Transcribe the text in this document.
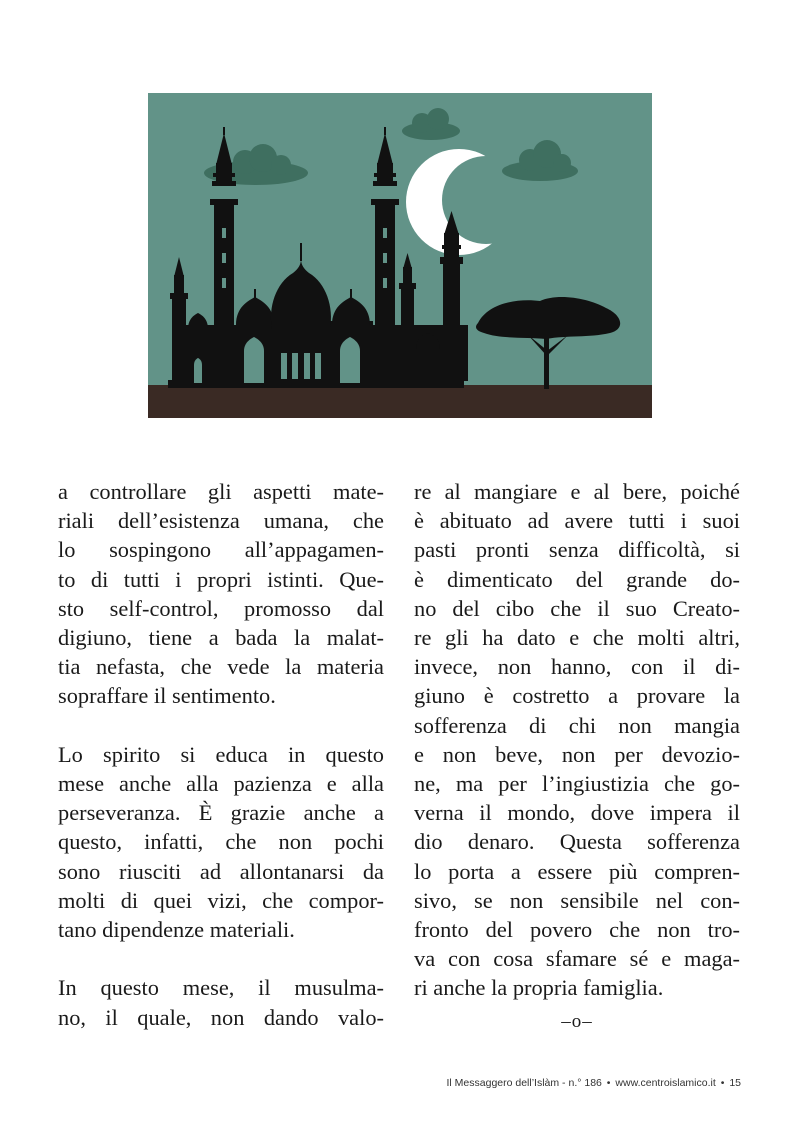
a controllare gli aspetti mate-
riali dell’esistenza umana, che
lo sospingono all’appagamen-
to di tutti i propri istinti. Que-
sto self-control, promosso dal
digiuno, tiene a bada la malat-
tia nefasta, che vede la materia
sopraffare il sentimento.

Lo spirito si educa in questo
mese anche alla pazienza e alla
perseveranza. È grazie anche a
questo, infatti, che non pochi
sono riusciti ad allontanarsi da
molti di quei vizi, che compor-
tano dipendenze materiali.

In questo mese, il musulma-
no, il quale, non dando valo-

re al mangiare e al bere, poiché
è abituato ad avere tutti i suoi
pasti pronti senza difficoltà, si
è dimenticato del grande do-
no del cibo che il suo Creato-
re gli ha dato e che molti altri,
invece, non hanno, con il di-
giuno è costretto a provare la
sofferenza di chi non mangia
e non beve, non per devozio-
ne, ma per l’ingiustizia che go-
verna il mondo, dove impera il
dio denaro. Questa sofferenza
lo porta a essere più compren-
sivo, se non sensibile nel con-
fronto del povero che non tro-
va con cosa sfamare sé e maga-
ri anche la propria famiglia.

–o–
Il Messaggero dell’Islàm - n.° 186 • www.centroislamico.it • 15
